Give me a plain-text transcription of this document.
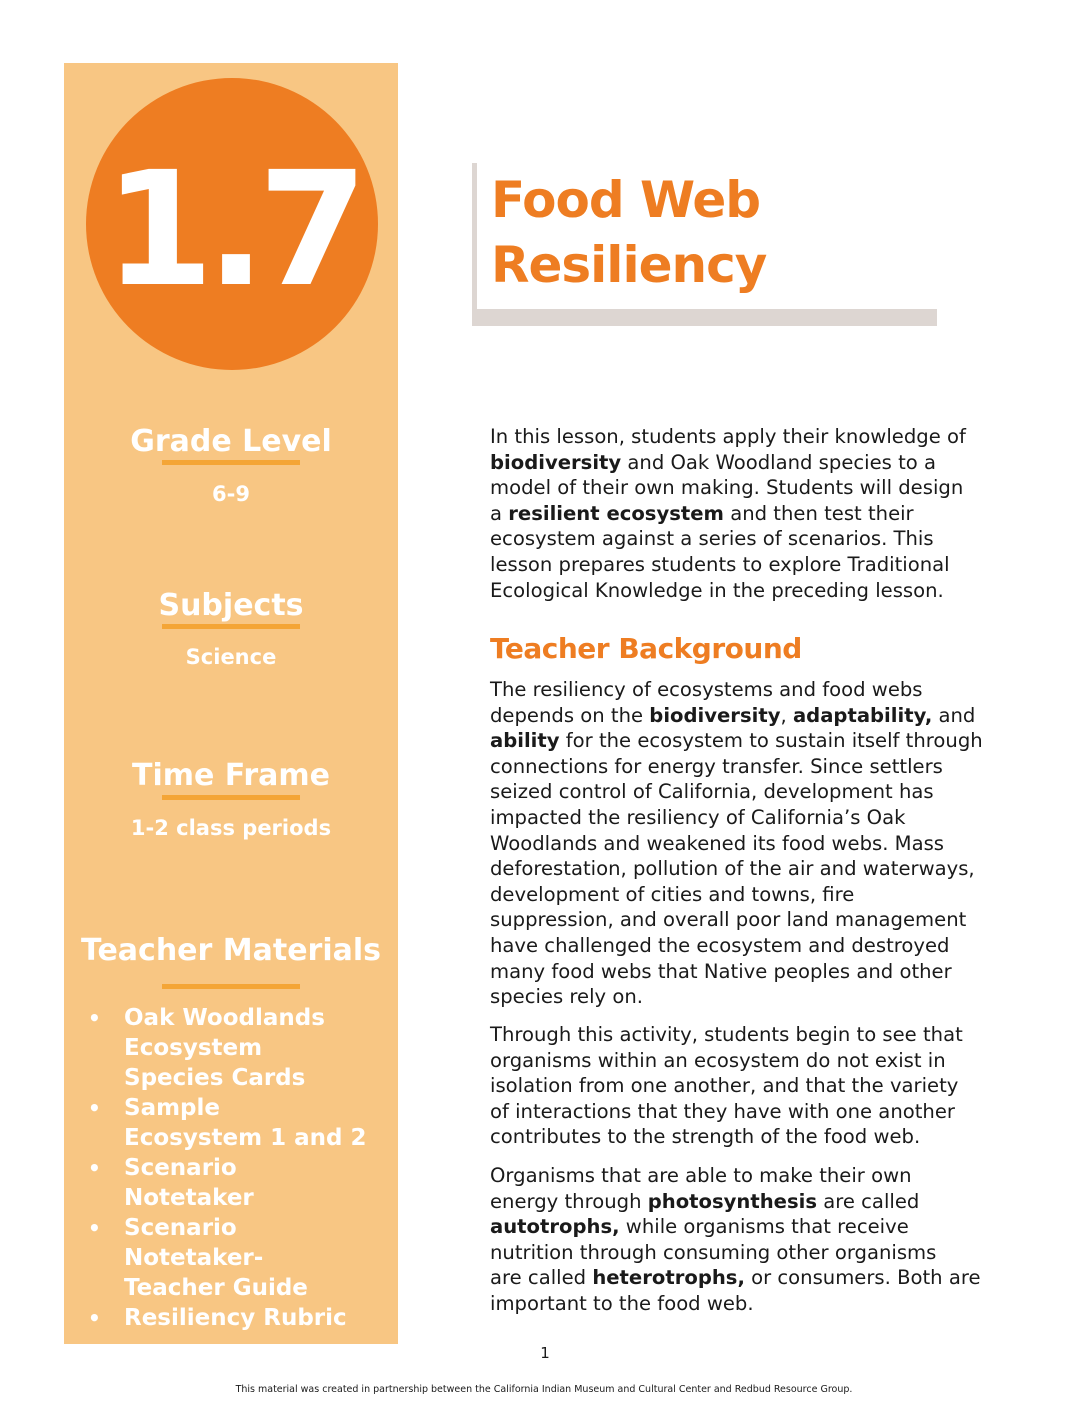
1.7
Grade Level
6-9
Subjects
Science
Time Frame
1-2 class periods
Teacher Materials
• Oak Woodlands
Ecosystem
Species Cards
• Sample
Ecosystem 1 and 2
• Scenario
Notetaker
• Scenario
Notetaker-
Teacher Guide
• Resiliency Rubric
Food Web
Resiliency

In this lesson, students apply their knowledge of
biodiversity and Oak Woodland species to a
model of their own making. Students will design
a resilient ecosystem and then test their
ecosystem against a series of scenarios. This
lesson prepares students to explore Traditional
Ecological Knowledge in the preceding lesson.

Teacher Background

The resiliency of ecosystems and food webs
depends on the biodiversity, adaptability, and
ability for the ecosystem to sustain itself through
connections for energy transfer. Since settlers
seized control of California, development has
impacted the resiliency of California’s Oak
Woodlands and weakened its food webs. Mass
deforestation, pollution of the air and waterways,
development of cities and towns, fire
suppression, and overall poor land management
have challenged the ecosystem and destroyed
many food webs that Native peoples and other
species rely on.

Through this activity, students begin to see that
organisms within an ecosystem do not exist in
isolation from one another, and that the variety
of interactions that they have with one another
contributes to the strength of the food web.

Organisms that are able to make their own
energy through photosynthesis are called
autotrophs, while organisms that receive
nutrition through consuming other organisms
are called heterotrophs, or consumers. Both are
important to the food web.

1
This material was created in partnership between the California Indian Museum and Cultural Center and Redbud Resource Group.
